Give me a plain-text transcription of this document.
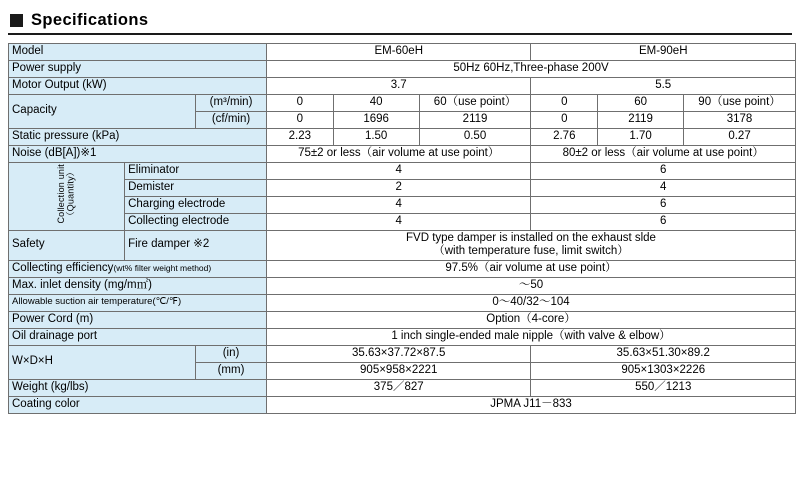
Specifications
Model			EM-60eH			EM-90eH		
Power supply			50Hz 60Hz,Three-phase 200V					
Motor Output (kW)			3.7			5.5		
Capacity		(m³/min)	0	40	60（use point）	0	60	90（use point）
		(cf/min)	0	1696	2119	0	2119	3178
Static pressure (kPa)			2.23	1.50	0.50	2.76	1.70	0.27
Noise (dB[A])※1			75±2 or less（air volume at use point）			80±2 or less（air volume at use point）		
Collection unit
（Quantity）	Eliminator		4			6		
	Demister		2			4		
	Charging electrode		4			6		
	Collecting electrode		4			6		
Safety	Fire damper ※2		FVD type damper is installed on the exhaust slde
（with temperature fuse, limit switch）					
Collecting efficiency(wt% filter weight method)			97.5%（air volume at use point）					
Max. inlet density (mg/m㎡)			～50					
Allowable suction air temperature(℃/℉)			0～40/32～104					
Power Cord (m)			Option（4-core）					
Oil drainage port			1 inch single-ended male nipple（with valve & elbow）					
W×D×H		(in)	35.63×37.72×87.5			35.63×51.30×89.2		
		(mm)	905×958×2221			905×1303×2226		
Weight (kg/lbs)			375／827			550／1213		
Coating color			JPMA J11－833					
